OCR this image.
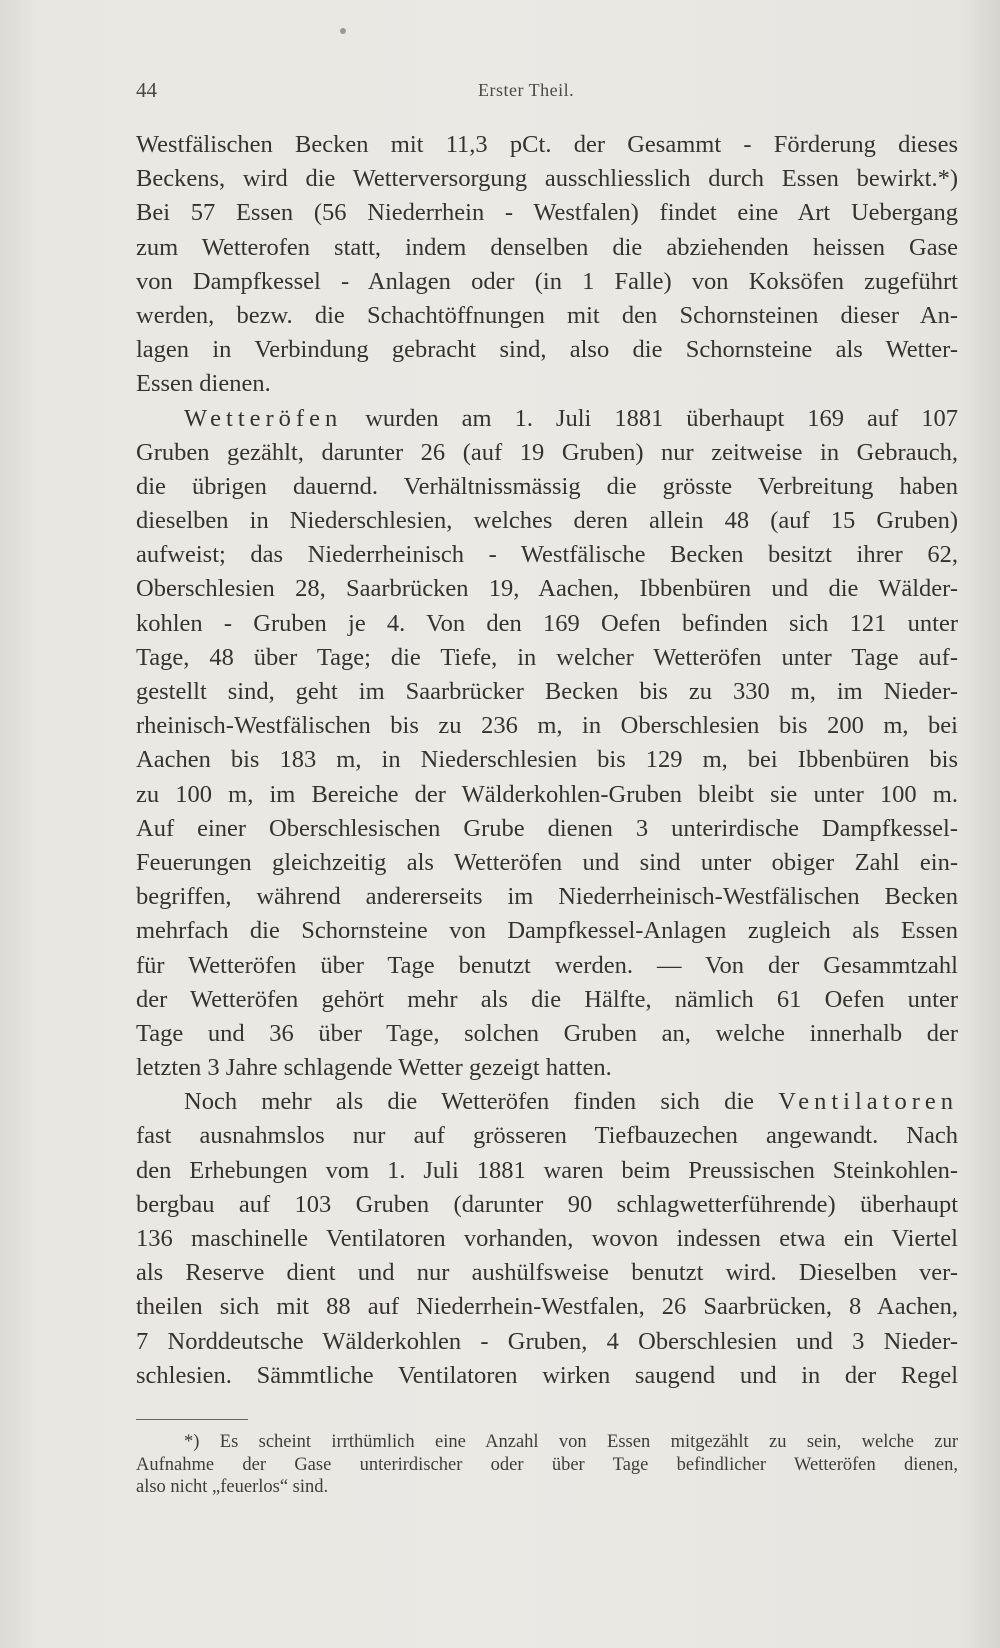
44	Erster Theil.
Westfälischen Becken mit 11,3 pCt. der Gesammt - Förderung dieses
Beckens, wird die Wetterversorgung ausschliesslich durch Essen bewirkt.*)
Bei 57 Essen (56 Niederrhein - Westfalen) findet eine Art Uebergang
zum Wetterofen statt, indem denselben die abziehenden heissen Gase
von Dampfkessel - Anlagen oder (in 1 Falle) von Koksöfen zugeführt
werden, bezw. die Schachtöffnungen mit den Schornsteinen dieser An-
lagen in Verbindung gebracht sind, also die Schornsteine als Wetter-
Essen dienen.
Wetteröfen wurden am 1. Juli 1881 überhaupt 169 auf 107
Gruben gezählt, darunter 26 (auf 19 Gruben) nur zeitweise in Gebrauch,
die übrigen dauernd. Verhältnissmässig die grösste Verbreitung haben
dieselben in Niederschlesien, welches deren allein 48 (auf 15 Gruben)
aufweist; das Niederrheinisch - Westfälische Becken besitzt ihrer 62,
Oberschlesien 28, Saarbrücken 19, Aachen, Ibbenbüren und die Wälder-
kohlen - Gruben je 4. Von den 169 Oefen befinden sich 121 unter
Tage, 48 über Tage; die Tiefe, in welcher Wetteröfen unter Tage auf-
gestellt sind, geht im Saarbrücker Becken bis zu 330 m, im Nieder-
rheinisch-Westfälischen bis zu 236 m, in Oberschlesien bis 200 m, bei
Aachen bis 183 m, in Niederschlesien bis 129 m, bei Ibbenbüren bis
zu 100 m, im Bereiche der Wälderkohlen-Gruben bleibt sie unter 100 m.
Auf einer Oberschlesischen Grube dienen 3 unterirdische Dampfkessel-
Feuerungen gleichzeitig als Wetteröfen und sind unter obiger Zahl ein-
begriffen, während andererseits im Niederrheinisch-Westfälischen Becken
mehrfach die Schornsteine von Dampfkessel-Anlagen zugleich als Essen
für Wetteröfen über Tage benutzt werden. — Von der Gesammtzahl
der Wetteröfen gehört mehr als die Hälfte, nämlich 61 Oefen unter
Tage und 36 über Tage, solchen Gruben an, welche innerhalb der
letzten 3 Jahre schlagende Wetter gezeigt hatten.
Noch mehr als die Wetteröfen finden sich die Ventilatoren
fast ausnahmslos nur auf grösseren Tiefbauzechen angewandt. Nach
den Erhebungen vom 1. Juli 1881 waren beim Preussischen Steinkohlen-
bergbau auf 103 Gruben (darunter 90 schlagwetterführende) überhaupt
136 maschinelle Ventilatoren vorhanden, wovon indessen etwa ein Viertel
als Reserve dient und nur aushülfsweise benutzt wird. Dieselben ver-
theilen sich mit 88 auf Niederrhein-Westfalen, 26 Saarbrücken, 8 Aachen,
7 Norddeutsche Wälderkohlen - Gruben, 4 Oberschlesien und 3 Nieder-
schlesien. Sämmtliche Ventilatoren wirken saugend und in der Regel
*) Es scheint irrthümlich eine Anzahl von Essen mitgezählt zu sein, welche zur
Aufnahme der Gase unterirdischer oder über Tage befindlicher Wetteröfen dienen,
also nicht „feuerlos“ sind.
